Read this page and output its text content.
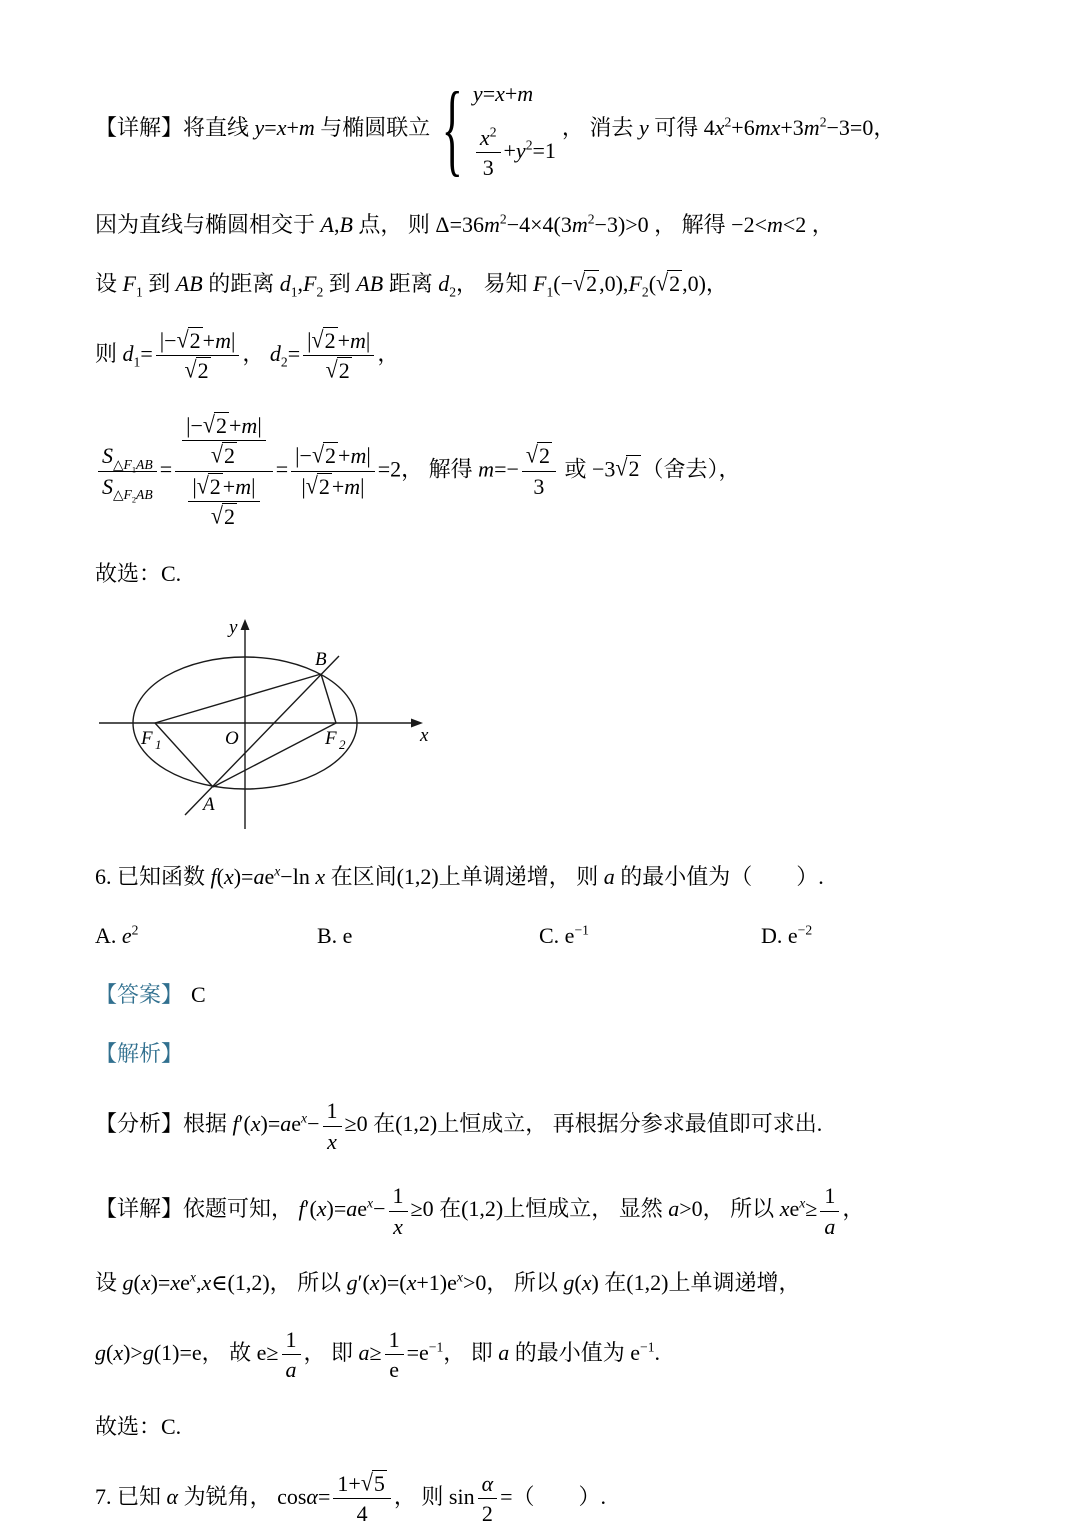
【详解】将直线 y=x+m 与椭圆联立 { y=x+m
$\frac{x^2}{3} +y^2=1$
， 消去 y 可得 $4x^2+6mx+3m^2-3=0$，
因为直线与椭圆相交于 A,B 点， 则 $\Delta=36m^2-4\times 4(3m^2-3)>0$ ， 解得 −2<m<2 ，
设 $F_1$ 到 AB 的距离 $d_1,F_2$ 到 AB 距离 $d_2$， 易知 $F_1(-√2,0),F_2(√2,0)$，
则 $d_1= \frac{|-√2+m|}{√2}$ ， $d_2= \frac{|√2+m|}{√2}$ ，
$\frac{S_{\triangle F_1AB}}{S_{\triangle F_2AB}} = \frac{\frac{|-√2+m|}{√2}}{\frac{|√2+m|}{√2}} = \frac{|-√2+m|}{|√2+m|} =2$， 解得 $m=- \frac{√2}{3}$ 或 −3√2（舍去），
故选：C.
y
x
O
F 1	F 2
A
B
6. 已知函数 $f(x)=ae^x-\ln$ x 在区间(1,2)上单调递增， 则 a 的最小值为（　　）.
A. $e^2$	B. e	C. $e^{-1}$	D. $e^{-2}$
【答案】 C
【解析】
【分析】根据 $f'(x)=ae^x- \frac{1}{x} \ge 0$ 在(1,2)上恒成立， 再根据分参求最值即可求出.
【详解】依题可知， $f'(x)=ae^x- \frac{1}{x} \ge 0$ 在(1,2)上恒成立， 显然 a>0， 所以 $xe^x\ge \frac{1}{a}$ ，
设 $g(x)=xe^x,x\in(1,2)$， 所以 $g'(x)=(x+1)e^x>0$， 所以 g(x) 在(1,2)上单调递增，
g(x)>g(1)=e， 故 $e\ge \frac{1}{a}$ ， 即 $a\ge \frac{1}{e} =e^{-1}$， 即 a 的最小值为 $e^{-1}$.
故选：C.
7. 已知 α 为锐角， $\cos\alpha= \frac{1+√5}{4}$ ， 则 $\sin \frac{\alpha}{2}$ =（　　）.
